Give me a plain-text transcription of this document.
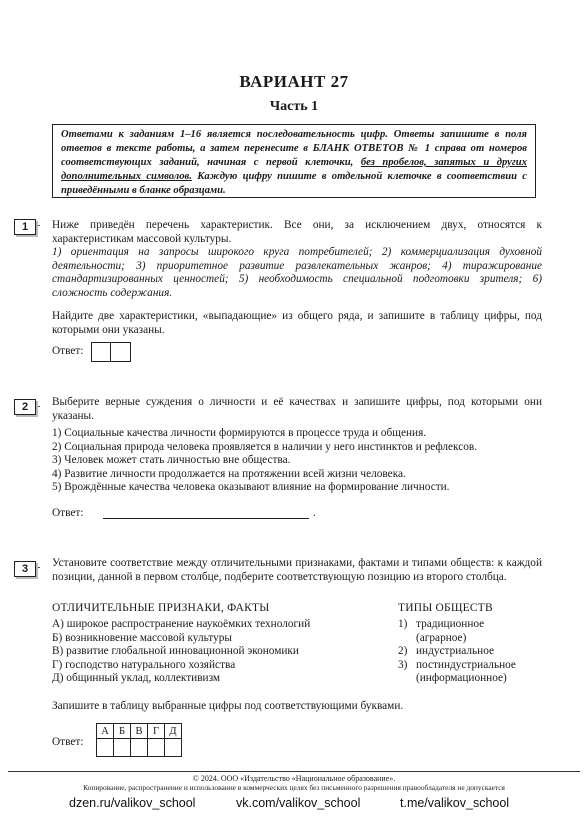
ВАРИАНТ 27
Часть 1
Ответами к заданиям 1–16 является последовательность цифр. Ответы запишите в поля ответов в тексте работы, а затем перенесите в БЛАНК ОТВЕТОВ № 1 справа от номеров соответствующих заданий, начиная с первой клеточки, без пробелов, запятых и других дополнительных символов. Каждую цифру пишите в отдельной клеточке в соответствии с приведёнными в бланке образцами.
1	Ниже приведён перечень характеристик. Все они, за исключением двух, относятся к характеристикам массовой культуры.
1) ориентация на запросы широкого круга потребителей; 2) коммерциализация духовной деятельности; 3) приоритетное развитие развлекательных жанров; 4) тиражирование стандартизированных ценностей; 5) необходимость специальной подготовки зрителя; 6) сложность содержания.
Найдите две характеристики, «выпадающие» из общего ряда, и запишите в таблицу цифры, под которыми они указаны.
Ответ:
2	Выберите верные суждения о личности и её качествах и запишите цифры, под которыми они указаны.
1) Социальные качества личности формируются в процессе труда и общения.
2) Социальная природа человека проявляется в наличии у него инстинктов и рефлексов.
3) Человек может стать личностью вне общества.
4) Развитие личности продолжается на протяжении всей жизни человека.
5) Врождённые качества человека оказывают влияние на формирование личности.
Ответ:	.
3	Установите соответствие между отличительными признаками, фактами и типами обществ: к каждой позиции, данной в первом столбце, подберите соответствующую позицию из второго столбца.
ОТЛИЧИТЕЛЬНЫЕ ПРИЗНАКИ, ФАКТЫ	ТИПЫ ОБЩЕСТВ
А) широкое распространение наукоёмких технологий
Б) возникновение массовой культуры
В) развитие глобальной инновационной экономики
Г) господство натурального хозяйства
Д) общинный уклад, коллективизм
1) традиционное
(аграрное)
2) индустриальное
3) постиндустриальное
(информационное)
Запишите в таблицу выбранные цифры под соответствующими буквами.
Ответ:
А	Б	В	Г	Д

© 2024. ООО «Издательство «Национальное образование».
Копирование, распространение и использование в коммерческих целях без письменного разрешения правообладателя не допускается
dzen.ru/valikov_school	vk.com/valikov_school	t.me/valikov_school
